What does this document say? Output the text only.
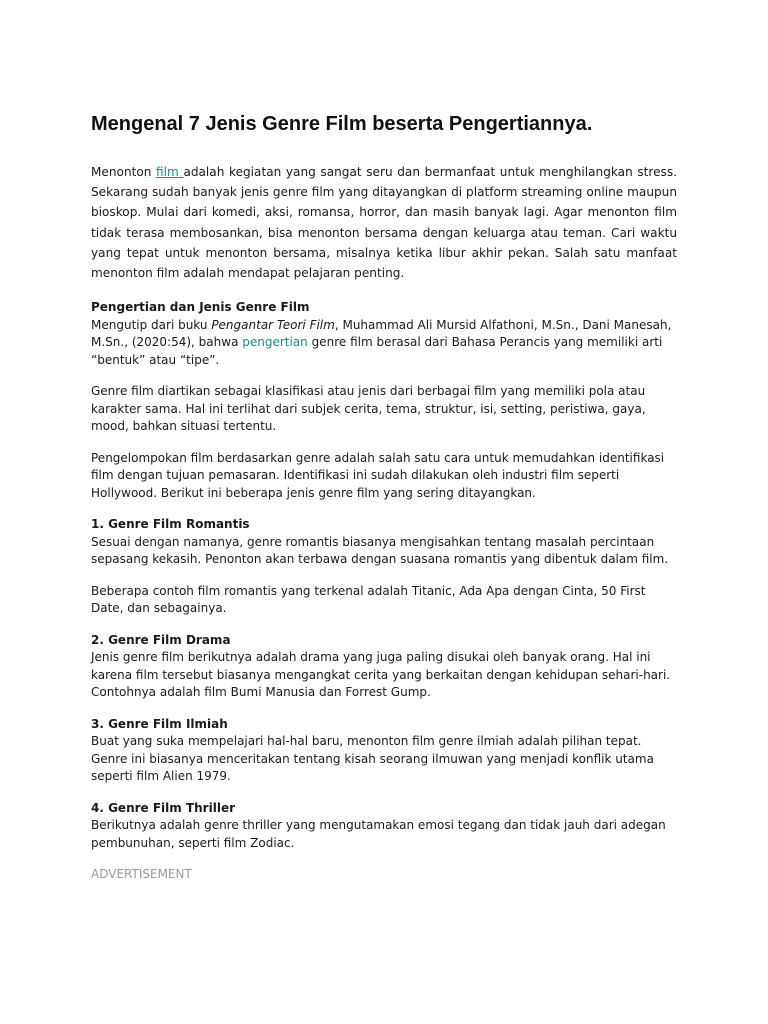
Mengenal 7 Jenis Genre Film beserta Pengertiannya.

Menonton film adalah kegiatan yang sangat seru dan bermanfaat untuk menghilangkan stress. Sekarang sudah banyak jenis genre film yang ditayangkan di platform streaming online maupun bioskop. Mulai dari komedi, aksi, romansa, horror, dan masih banyak lagi. Agar menonton film tidak terasa membosankan, bisa menonton bersama dengan keluarga atau teman. Cari waktu yang tepat untuk menonton bersama, misalnya ketika libur akhir pekan. Salah satu manfaat menonton film adalah mendapat pelajaran penting.

Pengertian dan Jenis Genre Film

Mengutip dari buku Pengantar Teori Film, Muhammad Ali Mursid Alfathoni, M.Sn., Dani Manesah, M.Sn., (2020:54), bahwa pengertian genre film berasal dari Bahasa Perancis yang memiliki arti “bentuk” atau “tipe”.

Genre film diartikan sebagai klasifikasi atau jenis dari berbagai film yang memiliki pola atau karakter sama. Hal ini terlihat dari subjek cerita, tema, struktur, isi, setting, peristiwa, gaya, mood, bahkan situasi tertentu.

Pengelompokan film berdasarkan genre adalah salah satu cara untuk memudahkan identifikasi film dengan tujuan pemasaran. Identifikasi ini sudah dilakukan oleh industri film seperti Hollywood. Berikut ini beberapa jenis genre film yang sering ditayangkan.

1. Genre Film Romantis

Sesuai dengan namanya, genre romantis biasanya mengisahkan tentang masalah percintaan sepasang kekasih. Penonton akan terbawa dengan suasana romantis yang dibentuk dalam film.

Beberapa contoh film romantis yang terkenal adalah Titanic, Ada Apa dengan Cinta, 50 First Date, dan sebagainya.

2. Genre Film Drama

Jenis genre film berikutnya adalah drama yang juga paling disukai oleh banyak orang. Hal ini karena film tersebut biasanya mengangkat cerita yang berkaitan dengan kehidupan sehari-hari. Contohnya adalah film Bumi Manusia dan Forrest Gump.

3. Genre Film Ilmiah

Buat yang suka mempelajari hal-hal baru, menonton film genre ilmiah adalah pilihan tepat. Genre ini biasanya menceritakan tentang kisah seorang ilmuwan yang menjadi konflik utama seperti film Alien 1979.

4. Genre Film Thriller

Berikutnya adalah genre thriller yang mengutamakan emosi tegang dan tidak jauh dari adegan pembunuhan, seperti film Zodiac.

ADVERTISEMENT
